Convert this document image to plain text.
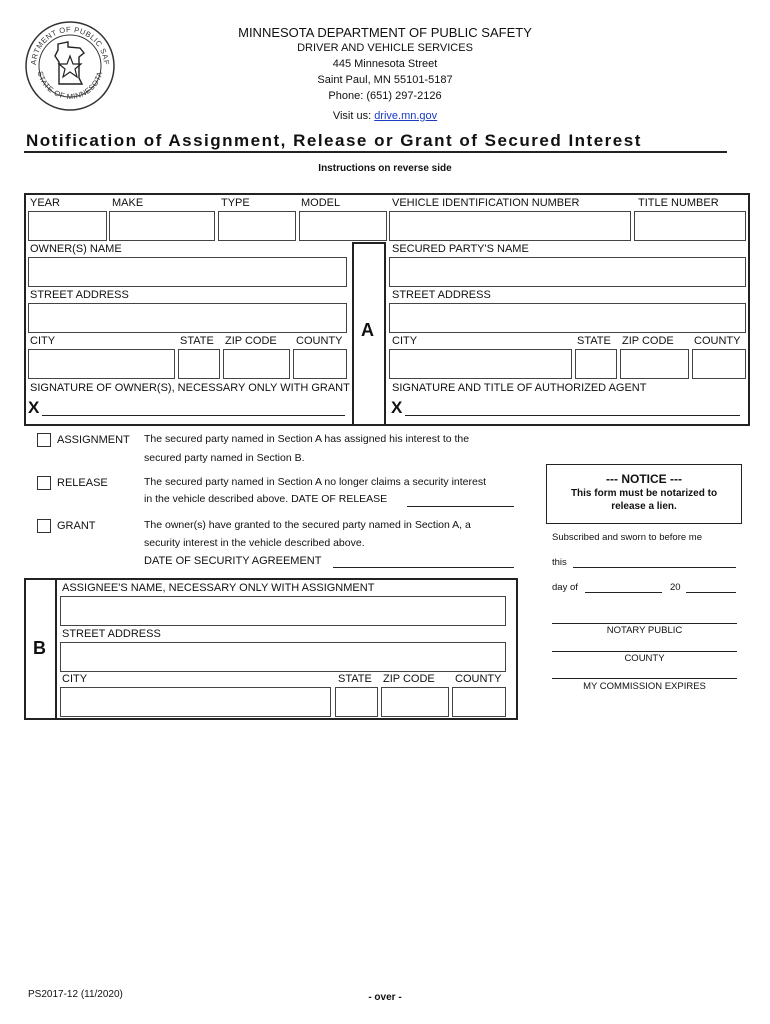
ARTMENT OF PUBLIC SAF
STATE OF MINNESOTA
MINNESOTA DEPARTMENT OF PUBLIC SAFETY
DRIVER AND VEHICLE SERVICES
445 Minnesota Street
Saint Paul, MN 55101-5187
Phone: (651) 297-2126
Visit us: drive.mn.gov
Notification of Assignment, Release or Grant of Secured Interest
Instructions on reverse side
A
YEAR	MAKE	TYPE	MODEL	VEHICLE IDENTIFICATION NUMBER	TITLE NUMBER
OWNER(S) NAME
STREET ADDRESS
CITY	STATE ZIP CODE COUNTY
SIGNATURE OF OWNER(S), NECESSARY ONLY WITH GRANT
X
SECURED PARTY'S NAME
STREET ADDRESS
CITY	STATE ZIP CODE COUNTY
SIGNATURE AND TITLE OF AUTHORIZED AGENT
X
ASSIGNMENT The secured party named in Section A has assigned his interest to the
secured party named in Section B.
RELEASE	The secured party named in Section A no longer claims a security interest
in the vehicle described above. DATE OF RELEASE
GRANT	The owner(s) have granted to the secured party named in Section A, a
security interest in the vehicle described above.
DATE OF SECURITY AGREEMENT
--- NOTICE ---
This form must be notarized to
release a lien.
Subscribed and sworn to before me
this
day of	20
NOTARY PUBLIC
COUNTY
MY COMMISSION EXPIRES
B
ASSIGNEE'S NAME, NECESSARY ONLY WITH ASSIGNMENT
STREET ADDRESS
CITY	STATE ZIP CODE COUNTY
PS2017-12 (11/2020)	- over -
